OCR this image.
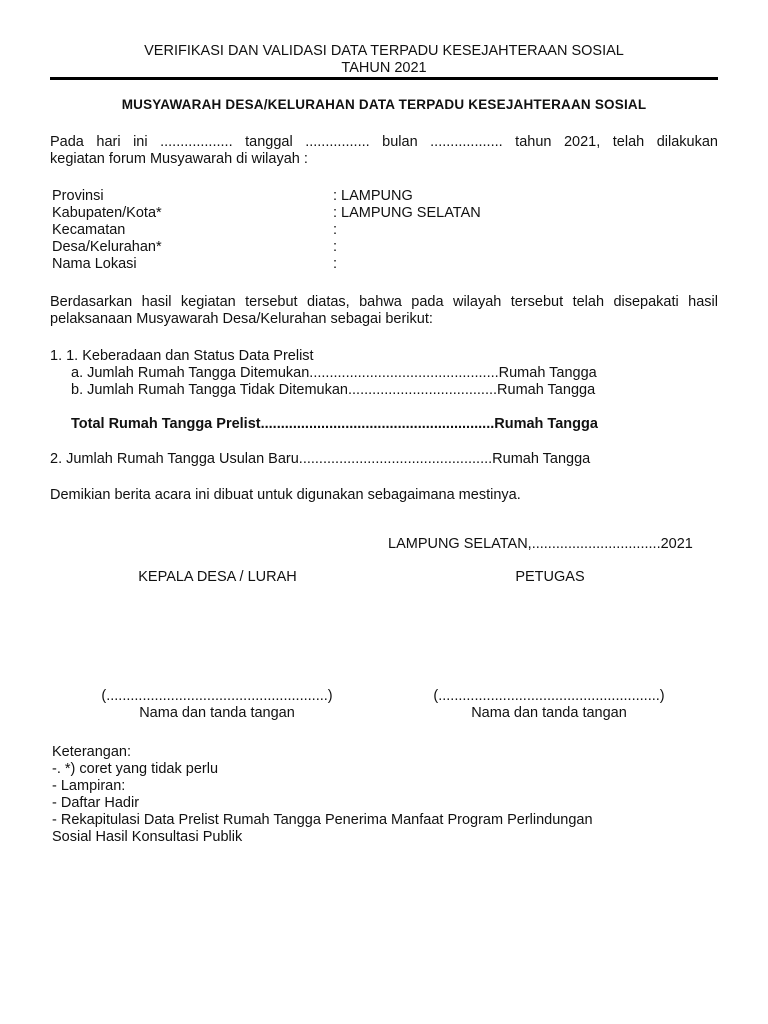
VERIFIKASI DAN VALIDASI DATA TERPADU KESEJAHTERAAN SOSIAL
TAHUN 2021
MUSYAWARAH DESA/KELURAHAN DATA TERPADU KESEJAHTERAAN SOSIAL

Pada hari ini .................. tanggal ................ bulan .................. tahun 2021, telah dilakukan

kegiatan forum Musyawarah di wilayah :

Provinsi	: LAMPUNG
Kabupaten/Kota*	: LAMPUNG SELATAN
Kecamatan	:
Desa/Kelurahan*	:
Nama Lokasi	:

Berdasarkan hasil kegiatan tersebut diatas, bahwa pada wilayah tersebut telah disepakati hasil

pelaksanaan Musyawarah Desa/Kelurahan sebagai berikut:

1. 1. Keberadaan dan Status Data Prelist
a. Jumlah Rumah Tangga Ditemukan...............................................Rumah Tangga
b. Jumlah Rumah Tangga Tidak Ditemukan.....................................Rumah Tangga
Total Rumah Tangga Prelist..........................................................Rumah Tangga
2. Jumlah Rumah Tangga Usulan Baru................................................Rumah Tangga
Demikian berita acara ini dibuat untuk digunakan sebagaimana mestinya.
LAMPUNG SELATAN,................................2021
KEPALA DESA / LURAH	PETUGAS
(.......................................................)	(.......................................................)
Nama dan tanda tangan	Nama dan tanda tangan
Keterangan:
-. *) coret yang tidak perlu
- Lampiran:
- Daftar Hadir
- Rekapitulasi Data Prelist Rumah Tangga Penerima Manfaat Program Perlindungan
Sosial Hasil Konsultasi Publik
